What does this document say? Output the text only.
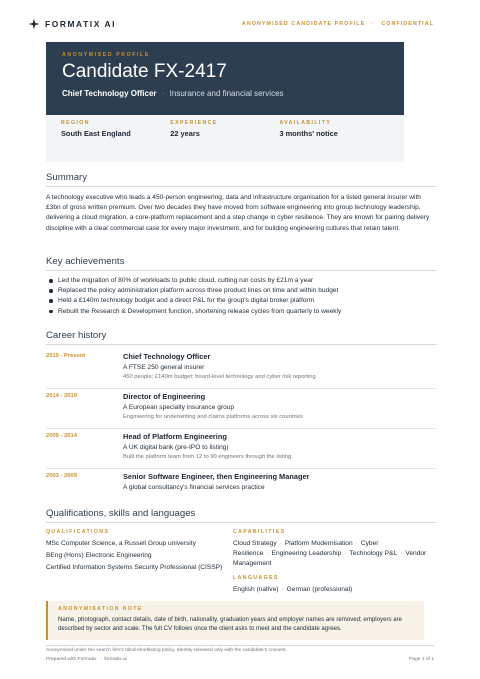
FORMATIX AI	ANONYMISED CANDIDATE PROFILE · CONFIDENTIAL
ANONYMISED PROFILE
Candidate FX-2417
Chief Technology Officer · Insurance and financial services
REGION
South East England
EXPERIENCE
22 years
AVAILABILITY
3 months' notice
Summary
A technology executive who leads a 450-person engineering, data and infrastructure organisation for a listed general insurer with £3bn of gross written premium. Over two decades they have moved from software engineering into group technology leadership, delivering a cloud migration, a core-platform replacement and a step change in cyber resilience. They are known for pairing delivery discipline with a clear commercial case for every major investment, and for building engineering cultures that retain talent.
Key achievements
Led the migration of 80% of workloads to public cloud, cutting run costs by £21m a year
Replaced the policy administration platform across three product lines on time and within budget
Held a £140m technology budget and a direct P&L for the group's digital broker platform
Rebuilt the Research & Development function, shortening release cycles from quarterly to weekly
Career history
2019 - Present	Chief Technology Officer
A FTSE 250 general insurer
450 people; £140m budget; board-level technology and cyber risk reporting
2014 - 2019	Director of Engineering
A European specialty insurance group
Engineering for underwriting and claims platforms across six countries
2009 - 2014	Head of Platform Engineering
A UK digital bank (pre-IPO to listing)
Built the platform team from 12 to 90 engineers through the listing
2003 - 2009	Senior Software Engineer, then Engineering Manager
A global consultancy's financial services practice
Qualifications, skills and languages
QUALIFICATIONS
MSc Computer Science, a Russell Group university
BEng (Hons) Electronic Engineering
Certified Information Systems Security Professional (CISSP)
CAPABILITIES
Cloud Strategy · Platform Modernisation · Cyber Resilience · Engineering Leadership · Technology P&L · Vendor Management
LANGUAGES
English (native) · German (professional)
ANONYMISATION NOTE
Name, photograph, contact details, date of birth, nationality, graduation years and employer names are removed; employers are described by sector and scale. The full CV follows once the client asks to meet and the candidate agrees.
Anonymised under the search firm's blind-shortlisting policy. Identity released only with the candidate's consent.
Prepared with Formatix · formatix.ai	Page 1 of 1
